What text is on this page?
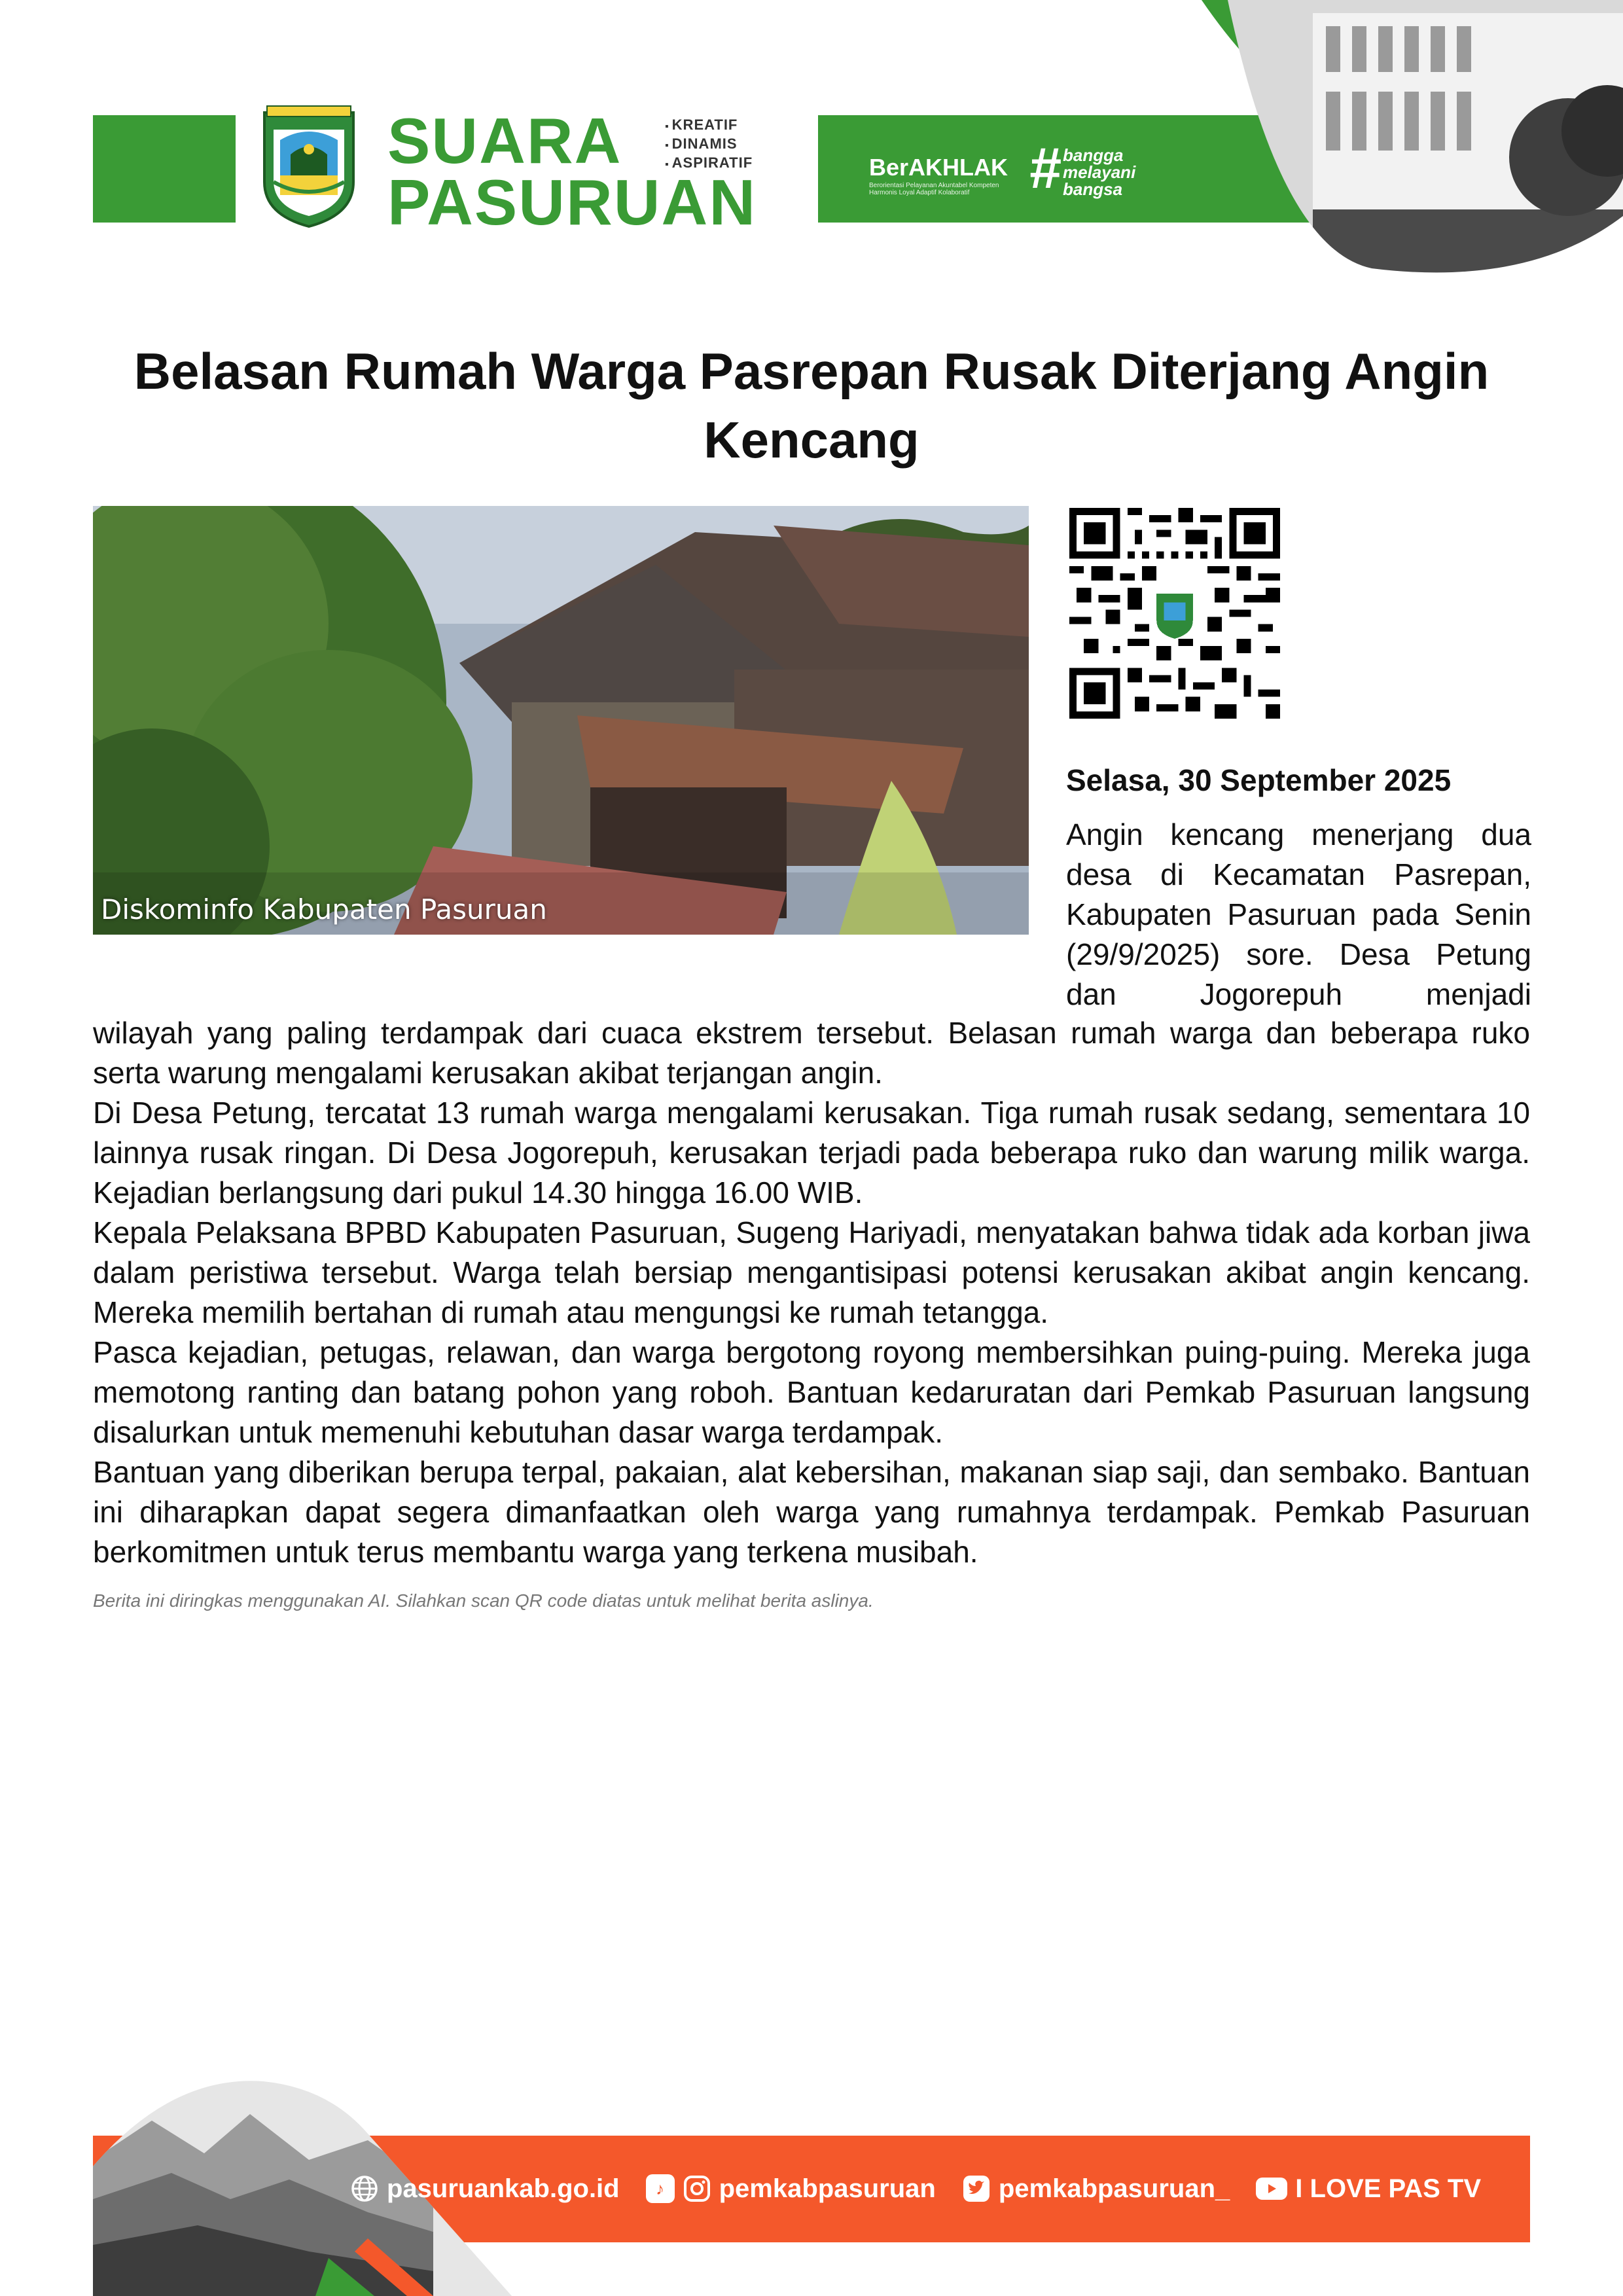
SUARA
PASURUAN
▪ KREATIF
▪ DINAMIS
▪ ASPIRATIF	BerAKHLAK
Berorientasi Pelayanan Akuntabel Kompeten Harmonis Loyal Adaptif Kolaboratif	# bangga
melayani
bangsa
Belasan Rumah Warga Pasrepan Rusak Diterjang Angin Kencang
Diskominfo Kabupaten Pasuruan
Selasa, 30 September 2025
Angin kencang menerjang dua desa di Kecamatan Pasrepan, Kabupaten Pasuruan pada Senin (29/9/2025) sore. Desa Petung dan Jogorepuh menjadi

wilayah yang paling terdampak dari cuaca ekstrem tersebut. Belasan rumah warga dan beberapa ruko serta warung mengalami kerusakan akibat terjangan angin.

Di Desa Petung, tercatat 13 rumah warga mengalami kerusakan. Tiga rumah rusak sedang, sementara 10 lainnya rusak ringan. Di Desa Jogorepuh, kerusakan terjadi pada beberapa ruko dan warung milik warga. Kejadian berlangsung dari pukul 14.30 hingga 16.00 WIB.

Kepala Pelaksana BPBD Kabupaten Pasuruan, Sugeng Hariyadi, menyatakan bahwa tidak ada korban jiwa dalam peristiwa tersebut. Warga telah bersiap mengantisipasi potensi kerusakan akibat angin kencang. Mereka memilih bertahan di rumah atau mengungsi ke rumah tetangga.

Pasca kejadian, petugas, relawan, dan warga bergotong royong membersihkan puing-puing. Mereka juga memotong ranting dan batang pohon yang roboh. Bantuan kedaruratan dari Pemkab Pasuruan langsung disalurkan untuk memenuhi kebutuhan dasar warga terdampak.

Bantuan yang diberikan berupa terpal, pakaian, alat kebersihan, makanan siap saji, dan sembako. Bantuan ini diharapkan dapat segera dimanfaatkan oleh warga yang rumahnya terdampak. Pemkab Pasuruan berkomitmen untuk terus membantu warga yang terkena musibah.

Berita ini diringkas menggunakan AI. Silahkan scan QR code diatas untuk melihat berita aslinya.
pasuruankab.go.id	♪	pemkabpasuruan pemkabpasuruan_	I LOVE PAS TV
